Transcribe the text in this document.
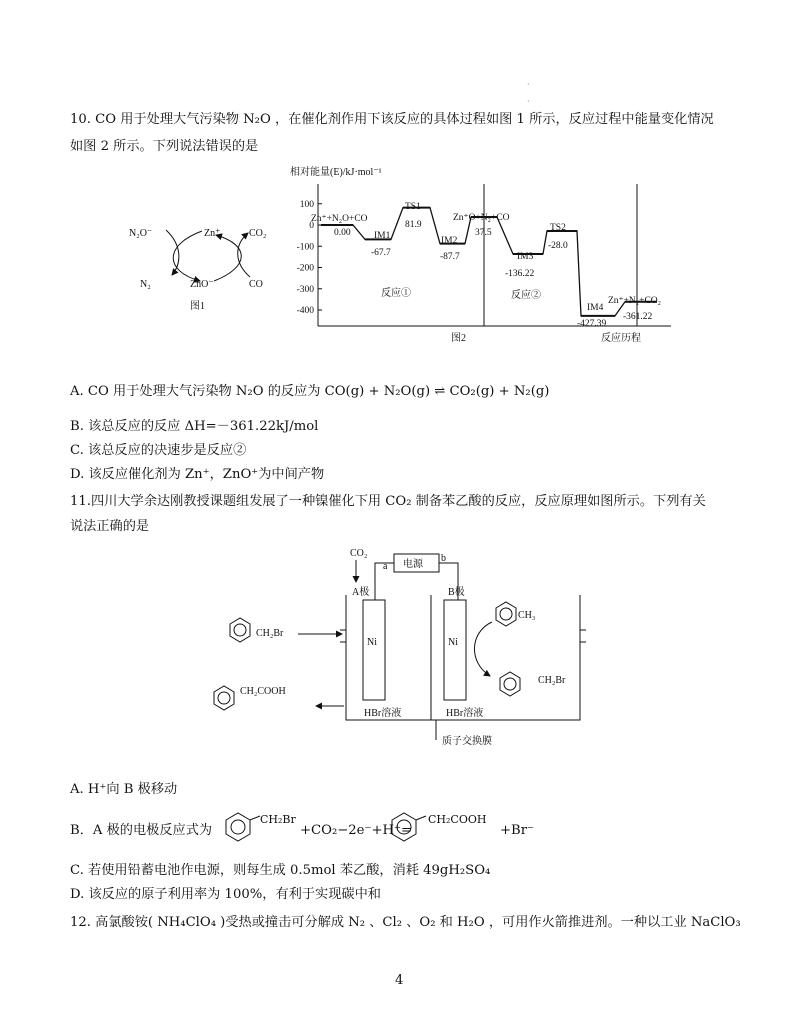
·
·
10. CO 用于处理大气污染物 N₂O ，在催化剂作用下该反应的具体过程如图 1 所示，反应过程中能量变化情况
如图 2 所示。下列说法错误的是
N₂O⁻	Zn⁺	CO₂
N₂	ZnO⁻	CO
图1
相对能量(E)/kJ·mol⁻¹
100
0
-100
-200
-300
-400
Zn⁺+N₂O+CO	Zn⁺O+N₂+CO
Zn⁺+N₂+CO₂
0.00 IM1
-67.7
TS1
81.9
IM2
-87.7
37.5
IM3
-136.22
TS2
-28.0
IM4
-427.39
-361.22
反应①	反应②
图2	反应历程
A. CO 用于处理大气污染物 N₂O 的反应为 CO(g) + N₂O(g) ⇌ CO₂(g) + N₂(g)
B. 该总反应的反应 ΔH=－361.22kJ/mol
C. 该总反应的决速步是反应②
D. 该反应催化剂为 Zn⁺，ZnO⁺为中间产物
11.四川大学余达刚教授课题组发展了一种镍催化下用 CO₂ 制备苯乙酸的反应，反应原理如图所示。下列有关
说法正确的是
CO₂
a
b
电源
A极	B极
Ni	Ni
HBr溶液	HBr溶液
质子交换膜
CH₂Br
CH₂COOH
CH₃
CH₂Br
A. H⁺向 B 极移动
B．A 极的电极反应式为
CH₂Br
+CO₂−2e⁻+H⁺=
CH₂COOH
+Br⁻
C. 若使用铅蓄电池作电源，则每生成 0.5mol 苯乙酸，消耗 49gH₂SO₄
D. 该反应的原子利用率为 100%，有利于实现碳中和
12. 高氯酸铵( NH₄ClO₄ )受热或撞击可分解成 N₂ 、Cl₂ 、O₂ 和 H₂O ，可用作火箭推进剂。一种以工业 NaClO₃
4
